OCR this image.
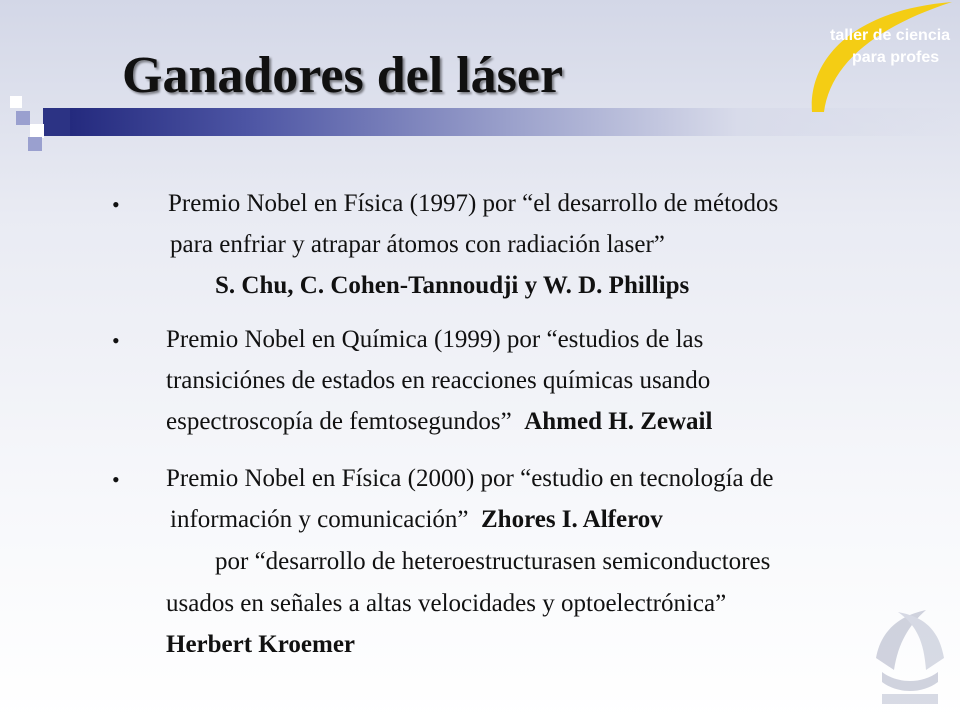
Ganadores del láser
taller de ciencia
para profes
• Premio Nobel en Física (1997) por “el desarrollo de métodos

para enfriar y atrapar átomos con radiación laser”

S. Chu, C. Cohen-Tannoudji y W. D. Phillips

• Premio Nobel en Química (1999) por “estudios de las

transiciónes de estados en reacciones químicas usando

espectroscopía de femtosegundos” Ahmed H. Zewail

• Premio Nobel en Física (2000) por “estudio en tecnología de

información y comunicación” Zhores I. Alferov

por “desarrollo de heteroestructurasen semiconductores

usados en señales a altas velocidades y optoelectrónica”

Herbert Kroemer
